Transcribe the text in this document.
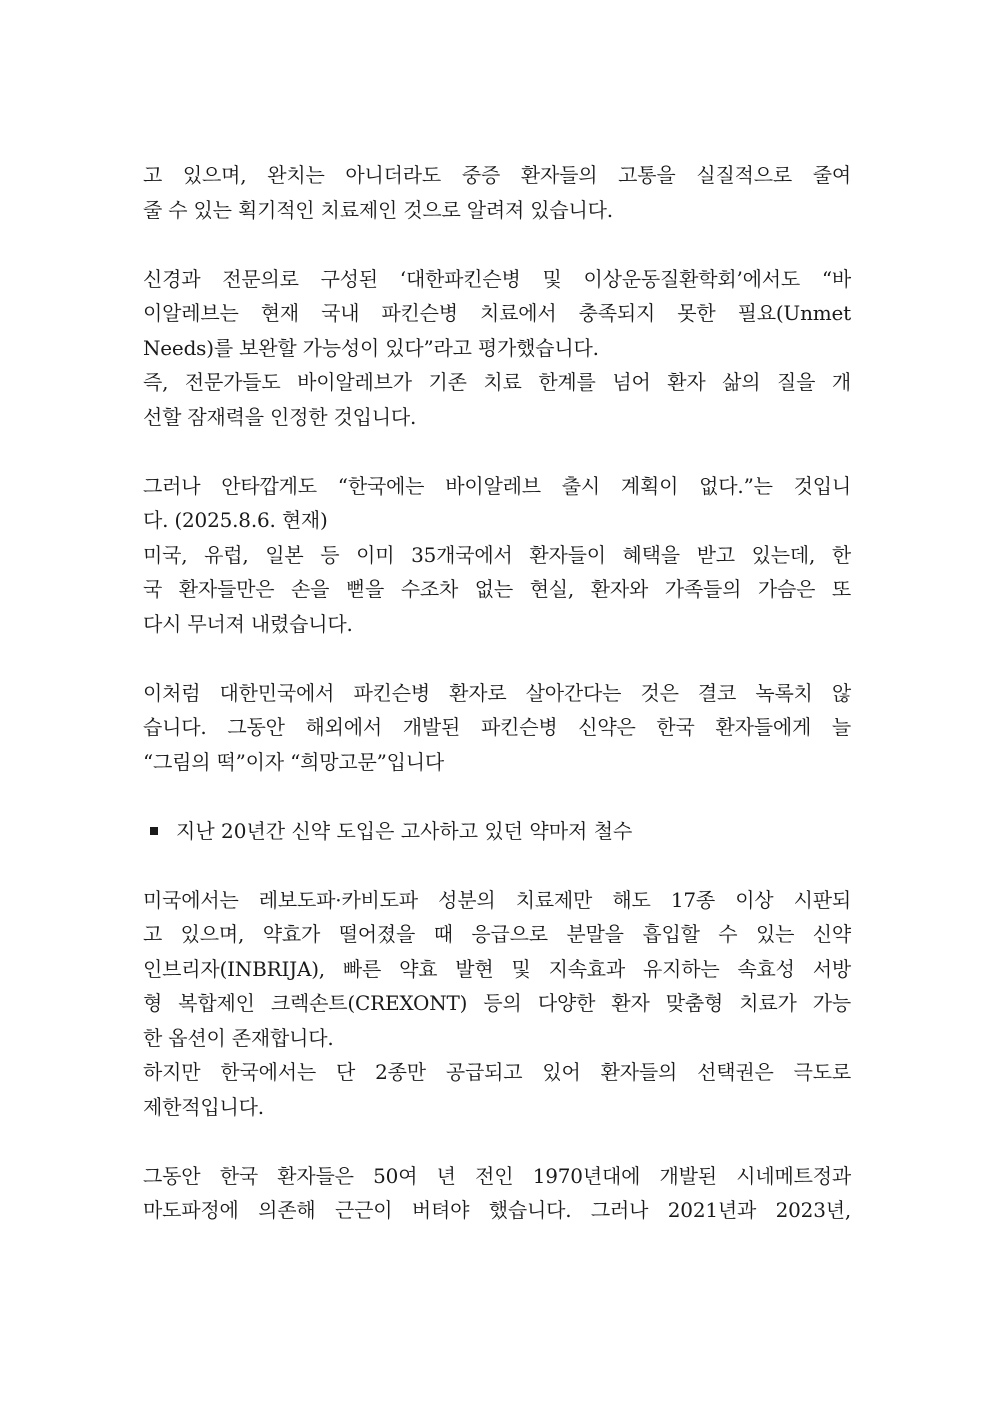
고 있으며, 완치는 아니더라도 중증 환자들의 고통을 실질적으로 줄여
줄 수 있는 획기적인 치료제인 것으로 알려져 있습니다.
신경과 전문의로 구성된 ‘대한파킨슨병 및 이상운동질환학회’에서도 “바
이알레브는 현재 국내 파킨슨병 치료에서 충족되지 못한 필요(Unmet
Needs)를 보완할 가능성이 있다”라고 평가했습니다.
즉, 전문가들도 바이알레브가 기존 치료 한계를 넘어 환자 삶의 질을 개
선할 잠재력을 인정한 것입니다.
그러나 안타깝게도 “한국에는 바이알레브 출시 계획이 없다.”는 것입니
다. (2025.8.6. 현재)
미국, 유럽, 일본 등 이미 35개국에서 환자들이 혜택을 받고 있는데, 한
국 환자들만은 손을 뻗을 수조차 없는 현실, 환자와 가족들의 가슴은 또
다시 무너져 내렸습니다.
이처럼 대한민국에서 파킨슨병 환자로 살아간다는 것은 결코 녹록치 않
습니다. 그동안 해외에서 개발된 파킨슨병 신약은 한국 환자들에게 늘
“그림의 떡”이자 “희망고문”입니다
지난 20년간 신약 도입은 고사하고 있던 약마저 철수
미국에서는 레보도파·카비도파 성분의 치료제만 해도 17종 이상 시판되
고 있으며, 약효가 떨어졌을 때 응급으로 분말을 흡입할 수 있는 신약
인브리자(INBRIJA), 빠른 약효 발현 및 지속효과 유지하는 속효성 서방
형 복합제인 크렉손트(CREXONT) 등의 다양한 환자 맞춤형 치료가 가능
한 옵션이 존재합니다.
하지만 한국에서는 단 2종만 공급되고 있어 환자들의 선택권은 극도로
제한적입니다.
그동안 한국 환자들은 50여 년 전인 1970년대에 개발된 시네메트정과
마도파정에 의존해 근근이 버텨야 했습니다. 그러나 2021년과 2023년,
